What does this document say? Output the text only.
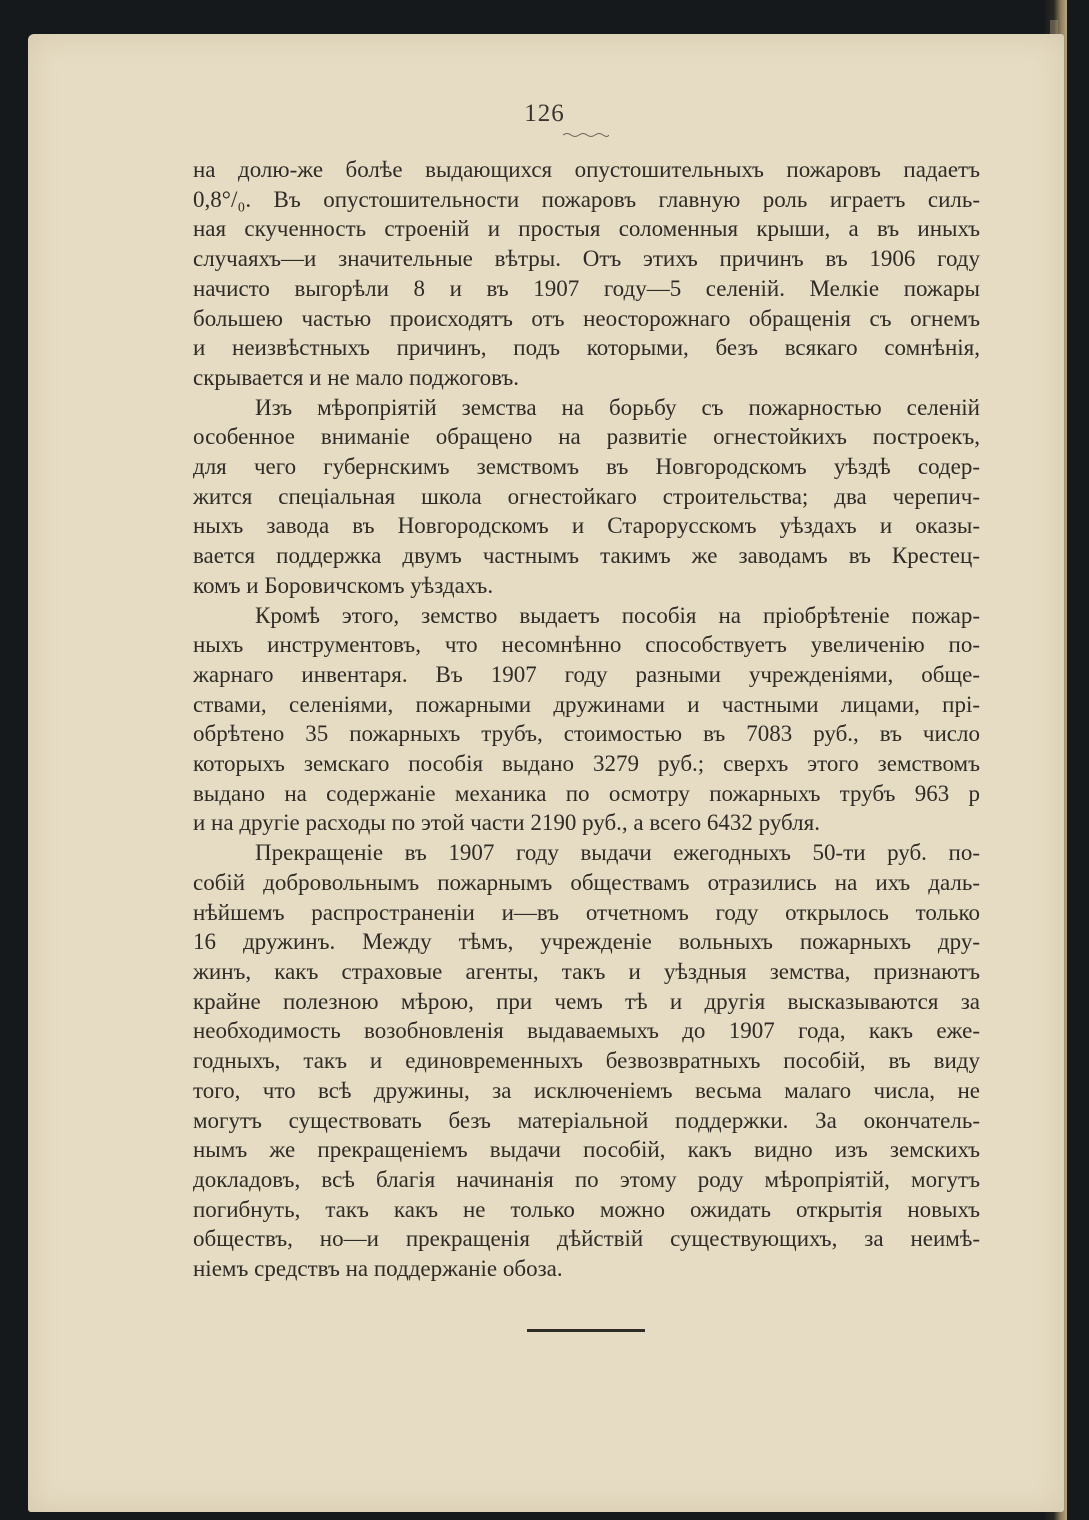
126
на долю-же болѣе выдающихся опустошительныхъ пожаровъ падаетъ
0,8°/₀. Въ опустошительности пожаровъ главную роль играетъ силь-
ная скученность строеній и простыя соломенныя крыши, а въ иныхъ
случаяхъ—и значительные вѣтры. Отъ этихъ причинъ въ 1906 году
начисто выгорѣли 8 и въ 1907 году—5 селеній. Мелкіе пожары
большею частью происходятъ отъ неосторожнаго обращенія съ огнемъ
и неизвѣстныхъ причинъ, подъ которыми, безъ всякаго сомнѣнія,
скрывается и не мало поджоговъ.
Изъ мѣропріятій земства на борьбу съ пожарностью селеній
особенное вниманіе обращено на развитіе огнестойкихъ построекъ,
для чего губернскимъ земствомъ въ Новгородскомъ уѣздѣ содер-
жится спеціальная школа огнестойкаго строительства; два черепич-
ныхъ завода въ Новгородскомъ и Старорусскомъ уѣздахъ и оказы-
вается поддержка двумъ частнымъ такимъ же заводамъ въ Крестец-
комъ и Боровичскомъ уѣздахъ.
Кромѣ этого, земство выдаетъ пособія на пріобрѣтеніе пожар-
ныхъ инструментовъ, что несомнѣнно способствуетъ увеличенію по-
жарнаго инвентаря. Въ 1907 году разными учрежденіями, обще-
ствами, селеніями, пожарными дружинами и частными лицами, прі-
обрѣтено 35 пожарныхъ трубъ, стоимостью въ 7083 руб., въ число
которыхъ земскаго пособія выдано 3279 руб.; сверхъ этого земствомъ
выдано на содержаніе механика по осмотру пожарныхъ трубъ 963 р
и на другіе расходы по этой части 2190 руб., а всего 6432 рубля.
Прекращеніе въ 1907 году выдачи ежегодныхъ 50-ти руб. по-
собій добровольнымъ пожарнымъ обществамъ отразились на ихъ даль-
нѣйшемъ распространеніи и—въ отчетномъ году открылось только
16 дружинъ. Между тѣмъ, учрежденіе вольныхъ пожарныхъ дру-
жинъ, какъ страховые агенты, такъ и уѣздныя земства, признаютъ
крайне полезною мѣрою, при чемъ тѣ и другія высказываются за
необходимость возобновленія выдаваемыхъ до 1907 года, какъ еже-
годныхъ, такъ и единовременныхъ безвозвратныхъ пособій, въ виду
того, что всѣ дружины, за исключеніемъ весьма малаго числа, не
могутъ существовать безъ матеріальной поддержки. За окончатель-
нымъ же прекращеніемъ выдачи пособій, какъ видно изъ земскихъ
докладовъ, всѣ благія начинанія по этому роду мѣропріятій, могутъ
погибнуть, такъ какъ не только можно ожидать открытія новыхъ
обществъ, но—и прекращенія дѣйствій существующихъ, за неимѣ-
ніемъ средствъ на поддержаніе обоза.
